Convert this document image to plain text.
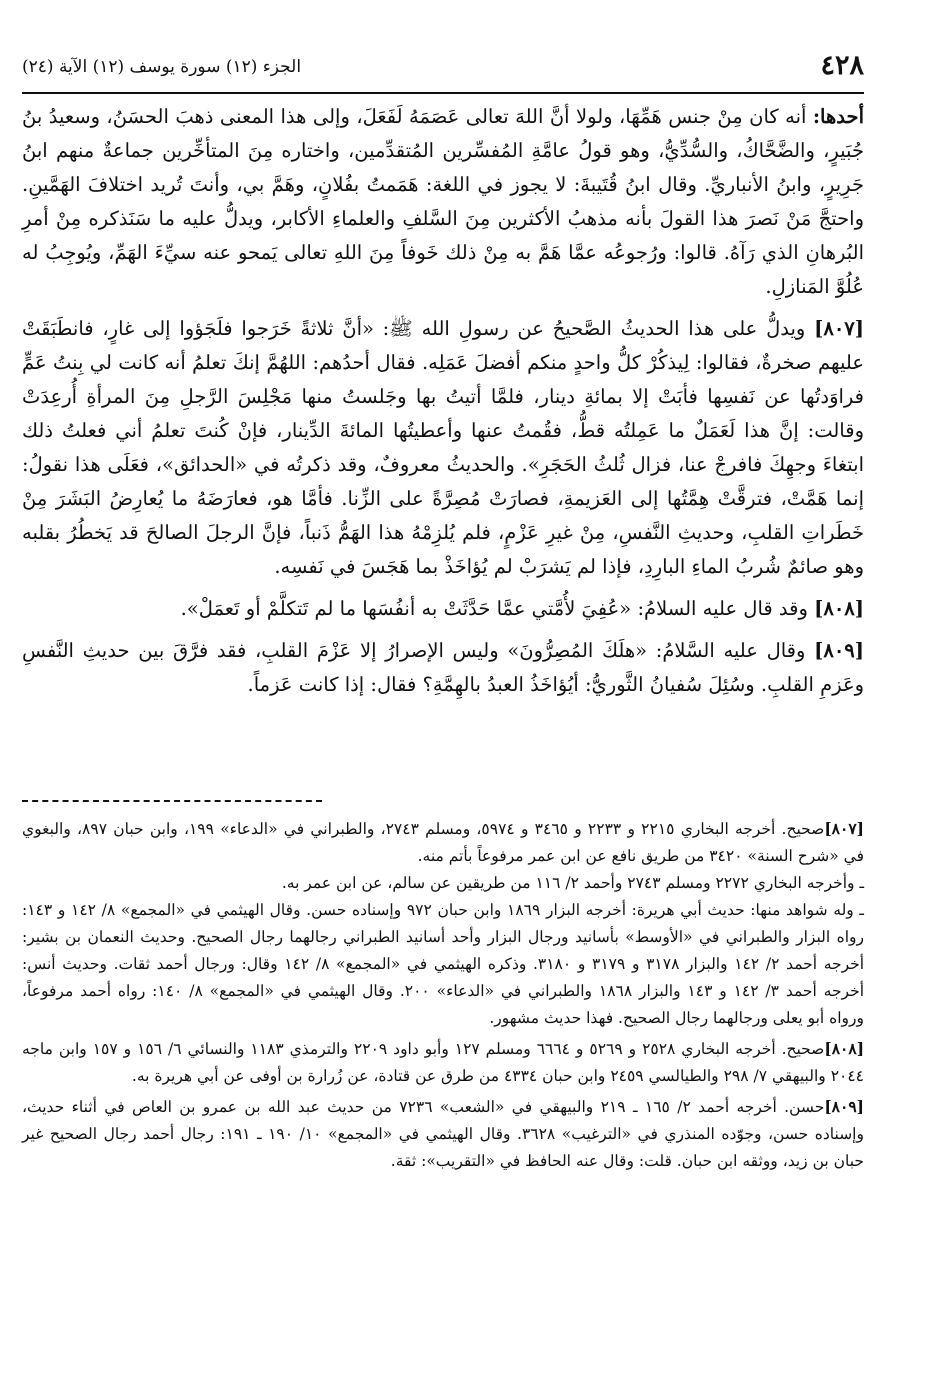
٤٢٨
الجزء (١٢) سورة يوسف (١٢) الآية (٢٤)

أحدها: أنه كان مِنْ جنس هَمِّهَا، ولولا أنَّ اللهَ تعالى عَصَمَهُ لَفَعَلَ، وإلى هذا المعنى ذهبَ الحسَنُ، وسعيدُ بنُ جُبَيرٍ، والضَّحَّاكُ، والسُّدِّيُّ، وهو قولُ عامَّةِ المُفسِّرين المُتقدِّمين، واختاره مِنَ المتأخِّرين جماعةٌ منهم ابنُ جَرِيرٍ، وابنُ الأنباريِّ. وقال ابنُ قُتَيبةَ: لا يجوز في اللغة: هَمَمتُ بفُلانٍ، وهَمَّ بي، وأنتَ تُريد اختلافَ الهَمَّينِ. واحتجَّ مَنْ نَصرَ هذا القولَ بأنه مذهبُ الأكثرين مِنَ السَّلفِ والعلماءِ الأكابر، ويدلُّ عليه ما سَنَذكره مِنْ أمرِ البُرهانِ الذي رَآهُ. قالوا: ورُجوعُه عمَّا هَمَّ به مِنْ ذلك خَوفاً مِنَ اللهِ تعالى يَمحو عنه سيِّءَ الهَمِّ، ويُوجِبُ له عُلُوَّ المَنازلِ.

[٨٠٧] ويدلُّ على هذا الحديثُ الصَّحيحُ عن رسولِ الله ﷺ: «أنَّ ثلاثةً خَرَجوا فلَجَؤوا إلى غارٍ، فانطَبَقَتْ عليهم صخرةٌ، فقالوا: لِيذكُرْ كلُّ واحدٍ منكم أفضلَ عَمَلِه. فقال أحدُهم: اللهُمَّ إنكَ تعلمُ أنه كانت لي بِنتُ عَمٍّ فراوَدتُها عن نَفسِها فأبَتْ إلا بمائةِ دينار، فلمَّا أتيتُ بها وجَلستُ منها مَجْلِسَ الرَّجلِ مِنَ المرأةِ أُرعِدَتْ وقالت: إنَّ هذا لَعَمَلٌ ما عَمِلتُه قطُّ، فقُمتُ عنها وأعطيتُها المائةَ الدِّينار، فإنْ كُنتَ تعلمُ أني فعلتُ ذلك ابتغاءَ وجهِكَ فافرجْ عنا، فزال ثُلثُ الحَجَرِ». والحديثُ معروفٌ، وقد ذكرتُه في «الحدائق»، فعَلَى هذا نقولُ: إنما هَمَّتْ، فترقَّتْ هِمَّتُها إلى العَزيمةِ، فصارَتْ مُصِرَّةً على الزِّنا. فأمَّا هو، فعارَضَهُ ما يُعارِضُ البَشَرَ مِنْ خَطَراتِ القلبِ، وحديثِ النَّفسِ، مِنْ غيرِ عَزْمٍ، فلم يُلزِمْهُ هذا الهَمُّ ذَنباً، فإنَّ الرجلَ الصالحَ قد يَخطُرُ بقلبه وهو صائمٌ شُربُ الماءِ البارِدِ، فإذا لم يَشرَبْ لم يُؤاخَذْ بما هَجَسَ في نَفسِه.

[٨٠٨] وقد قال عليه السلامُ: «عُفِيَ لأُمَّتي عمَّا حَدَّثَتْ به أنفُسَها ما لم تَتكلَّمْ أو تَعمَلْ».

[٨٠٩] وقال عليه السَّلامُ: «هلَكَ المُصِرُّونَ» وليس الإصرارُ إلا عَزْمَ القلبِ، فقد فرَّقَ بين حديثِ النَّفسِ وعَزمِ القلبِ. وسُئِلَ سُفيانُ الثَّوريُّ: أيُؤاخَذُ العبدُ بالهِمَّةِ؟ فقال: إذا كانت عَزماً.

[٨٠٧]صحيح. أخرجه البخاري ٢٢١٥ و ٢٢٣٣ و ٣٤٦٥ و ٥٩٧٤، ومسلم ٢٧٤٣، والطبراني في «الدعاء» ١٩٩، وابن حبان ٨٩٧، والبغوي في «شرح السنة» ٣٤٢٠ من طريق نافع عن ابن عمر مرفوعاً بأتم منه.

ـ وأخرجه البخاري ٢٢٧٢ ومسلم ٢٧٤٣ وأحمد ٢/ ١١٦ من طريقين عن سالم، عن ابن عمر به.

ـ وله شواهد منها: حديث أبي هريرة: أخرجه البزار ١٨٦٩ وابن حبان ٩٧٢ وإسناده حسن. وقال الهيثمي في «المجمع» ٨/ ١٤٢ و ١٤٣: رواه البزار والطبراني في «الأوسط» بأسانيد ورجال البزار وأحد أسانيد الطبراني رجالهما رجال الصحيح. وحديث النعمان بن بشير: أخرجه أحمد ٢/ ١٤٢ والبزار ٣١٧٨ و ٣١٧٩ و ٣١٨٠. وذكره الهيثمي في «المجمع» ٨/ ١٤٢ وقال: ورجال أحمد ثقات. وحديث أنس: أخرجه أحمد ٣/ ١٤٢ و ١٤٣ والبزار ١٨٦٨ والطبراني في «الدعاء» ٢٠٠. وقال الهيثمي في «المجمع» ٨/ ١٤٠: رواه أحمد مرفوعاً، ورواه أبو يعلى ورجالهما رجال الصحيح. فهذا حديث مشهور.

[٨٠٨]صحيح. أخرجه البخاري ٢٥٢٨ و ٥٢٦٩ و ٦٦٦٤ ومسلم ١٢٧ وأبو داود ٢٢٠٩ والترمذي ١١٨٣ والنسائي ٦/ ١٥٦ و ١٥٧ وابن ماجه ٢٠٤٤ والبيهقي ٧/ ٢٩٨ والطيالسي ٢٤٥٩ وابن حبان ٤٣٣٤ من طرق عن قتادة، عن زُرارة بن أوفى عن أبي هريرة به.

[٨٠٩]حسن. أخرجه أحمد ٢/ ١٦٥ ـ ٢١٩ والبيهقي في «الشعب» ٧٢٣٦ من حديث عبد الله بن عمرو بن العاص في أثناء حديث، وإسناده حسن، وجوّده المنذري في «الترغيب» ٣٦٢٨. وقال الهيثمي في «المجمع» ١٠/ ١٩٠ ـ ١٩١: رجال أحمد رجال الصحيح غير حبان بن زيد، ووثقه ابن حبان. قلت: وقال عنه الحافظ في «التقريب»: ثقة.
